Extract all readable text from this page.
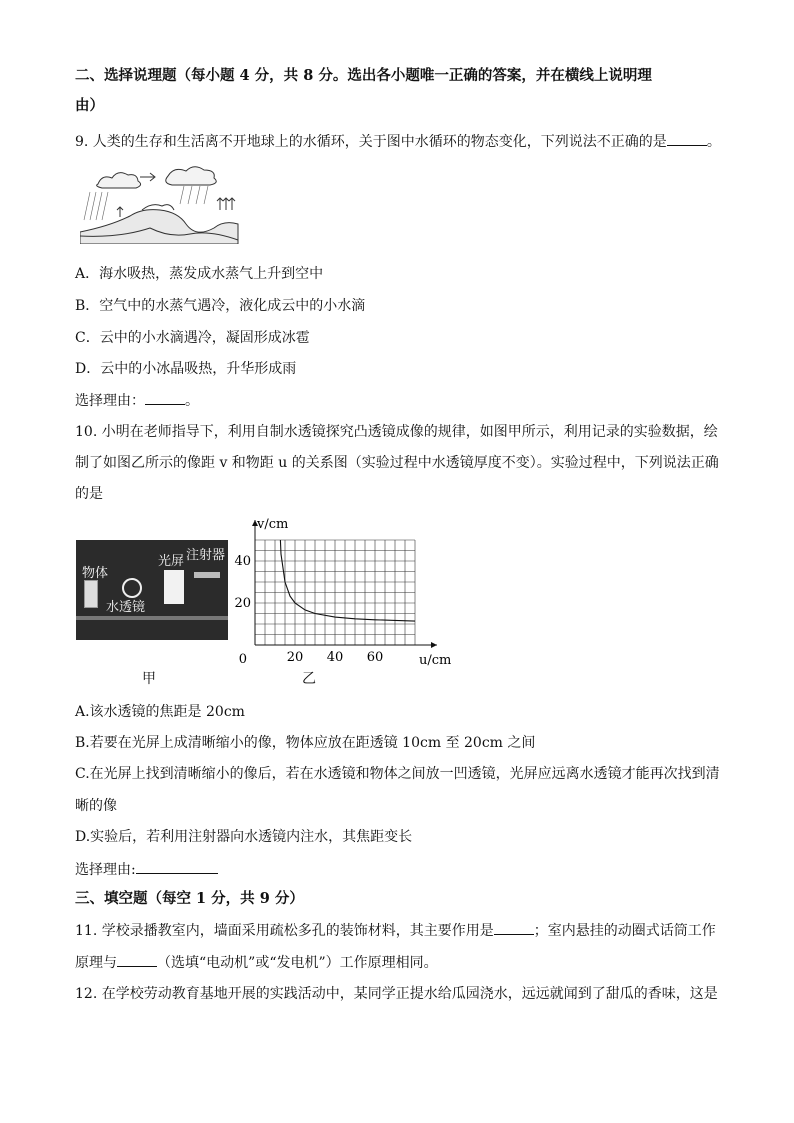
二、选择说理题（每小题 4 分，共 8 分。选出各小题唯一正确的答案，并在横线上说明理
由）
9. 人类的生存和生活离不开地球上的水循环，关于图中水循环的物态变化，下列说法不正确的是	。
A．海水吸热，蒸发成水蒸气上升到空中
B．空气中的水蒸气遇冷，液化成云中的小水滴
C．云中的小水滴遇冷，凝固形成冰雹
D．云中的小冰晶吸热，升华形成雨
选择理由：	。
10. 小明在老师指导下，利用自制水透镜探究凸透镜成像的规律，如图甲所示，利用记录的实验数据，绘
制了如图乙所示的像距 v 和物距 u 的关系图（实验过程中水透镜厚度不变）。实验过程中，下列说法正确
的是
物体
光屏 注射器
水透镜
甲
20 40 60
20
40
0	u/cm
v/cm
乙
A.该水透镜的焦距是 20cm
B.若要在光屏上成清晰缩小的像，物体应放在距透镜 10cm 至 20cm 之间
C.在光屏上找到清晰缩小的像后，若在水透镜和物体之间放一凹透镜，光屏应远离水透镜才能再次找到清
晰的像
D.实验后，若利用注射器向水透镜内注水，其焦距变长
选择理由:
三、填空题（每空 1 分，共 9 分）
11. 学校录播教室内，墙面采用疏松多孔的装饰材料，其主要作用是	；室内悬挂的动圈式话筒工作
原理与	（选填“电动机”或“发电机”）工作原理相同。
12. 在学校劳动教育基地开展的实践活动中，某同学正提水给瓜园浇水，远远就闻到了甜瓜的香味，这是
